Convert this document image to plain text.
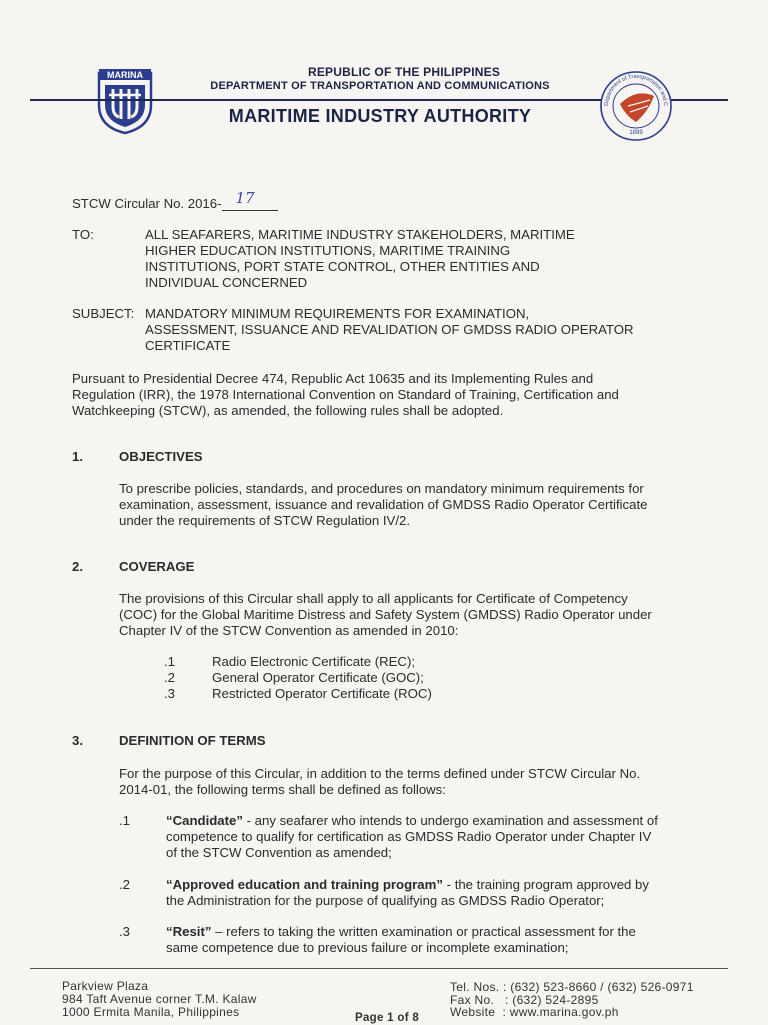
MARINA	REPUBLIC OF THE PHILIPPINES
DEPARTMENT OF TRANSPORTATION AND COMMUNICATIONS
MARITIME INDUSTRY AUTHORITY
Department of Transportation and C
1899
STCW Circular No. 2016- 17
TO:	ALL SEAFARERS, MARITIME INDUSTRY STAKEHOLDERS, MARITIME
HIGHER EDUCATION INSTITUTIONS, MARITIME TRAINING
INSTITUTIONS, PORT STATE CONTROL, OTHER ENTITIES AND
INDIVIDUAL CONCERNED
SUBJECT: MANDATORY MINIMUM REQUIREMENTS FOR EXAMINATION,
ASSESSMENT, ISSUANCE AND REVALIDATION OF GMDSS RADIO OPERATOR
CERTIFICATE
Pursuant to Presidential Decree 474, Republic Act 10635 and its Implementing Rules and
Regulation (IRR), the 1978 International Convention on Standard of Training, Certification and
Watchkeeping (STCW), as amended, the following rules shall be adopted.
1.	OBJECTIVES
To prescribe policies, standards, and procedures on mandatory minimum requirements for
examination, assessment, issuance and revalidation of GMDSS Radio Operator Certificate
under the requirements of STCW Regulation IV/2.
2.	COVERAGE
The provisions of this Circular shall apply to all applicants for Certificate of Competency
(COC) for the Global Maritime Distress and Safety System (GMDSS) Radio Operator under
Chapter IV of the STCW Convention as amended in 2010:
.1	Radio Electronic Certificate (REC);
.2	General Operator Certificate (GOC);
.3	Restricted Operator Certificate (ROC)
3.	DEFINITION OF TERMS
For the purpose of this Circular, in addition to the terms defined under STCW Circular No.
2014-01, the following terms shall be defined as follows:
.1	“Candidate” - any seafarer who intends to undergo examination and assessment of
competence to qualify for certification as GMDSS Radio Operator under Chapter IV
of the STCW Convention as amended;
.2	“Approved education and training program” - the training program approved by
the Administration for the purpose of qualifying as GMDSS Radio Operator;
.3	“Resit” – refers to taking the written examination or practical assessment for the
same competence due to previous failure or incomplete examination;
Parkview Plaza
984 Taft Avenue corner T.M. Kalaw
1000 Ermita Manila, Philippines
Tel. Nos. : (632) 523-8660 / (632) 526-0971
Fax No.   : (632) 524-2895
Website  : www.marina.gov.ph
Page 1 of 8
